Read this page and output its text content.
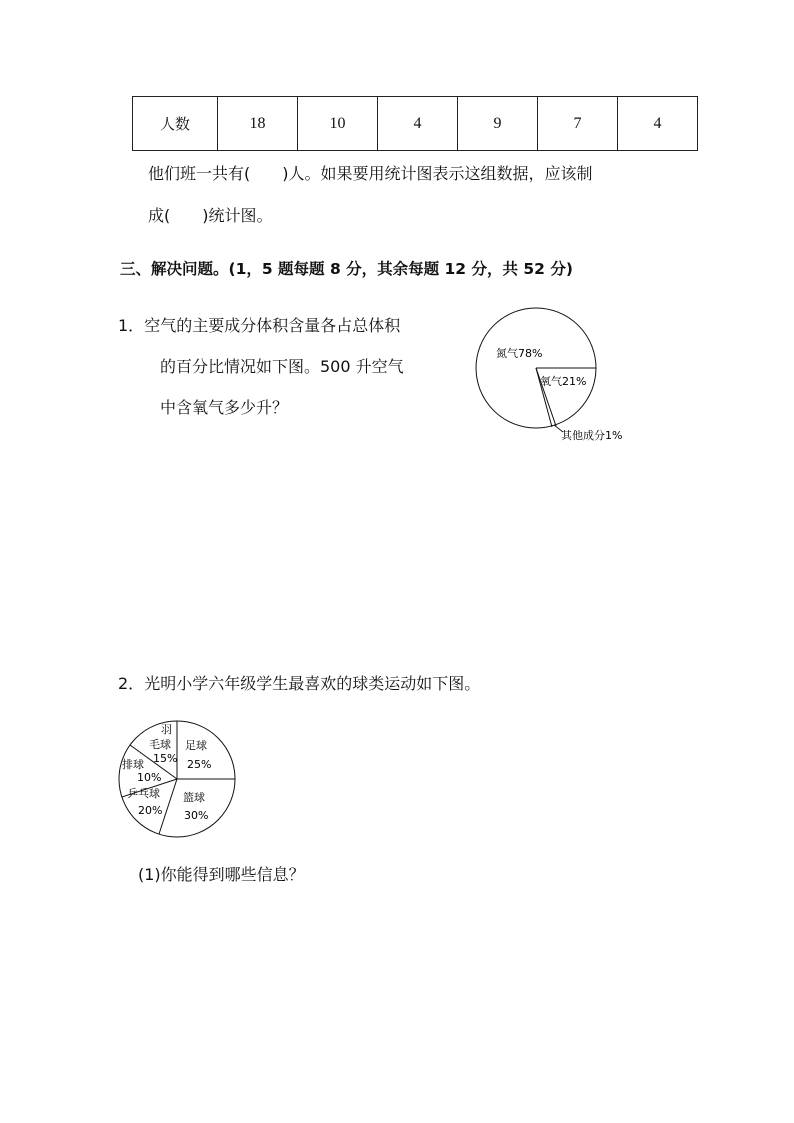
人数	18	10	4	9	7	4
他们班一共有( )人。如果要用统计图表示这组数据，应该制
成( )统计图。
三、解决问题。(1，5 题每题 8 分，其余每题 12 分，共 52 分)
1．空气的主要成分体积含量各占总体积
的百分比情况如下图。500 升空气
中含氧气多少升？
氮气78%
氧气21%
其他成分1%
2．光明小学六年级学生最喜欢的球类运动如下图。
羽
毛球
15%
足球
25%
排球
10%
乒乓球
20%
篮球
30%
(1)你能得到哪些信息？
